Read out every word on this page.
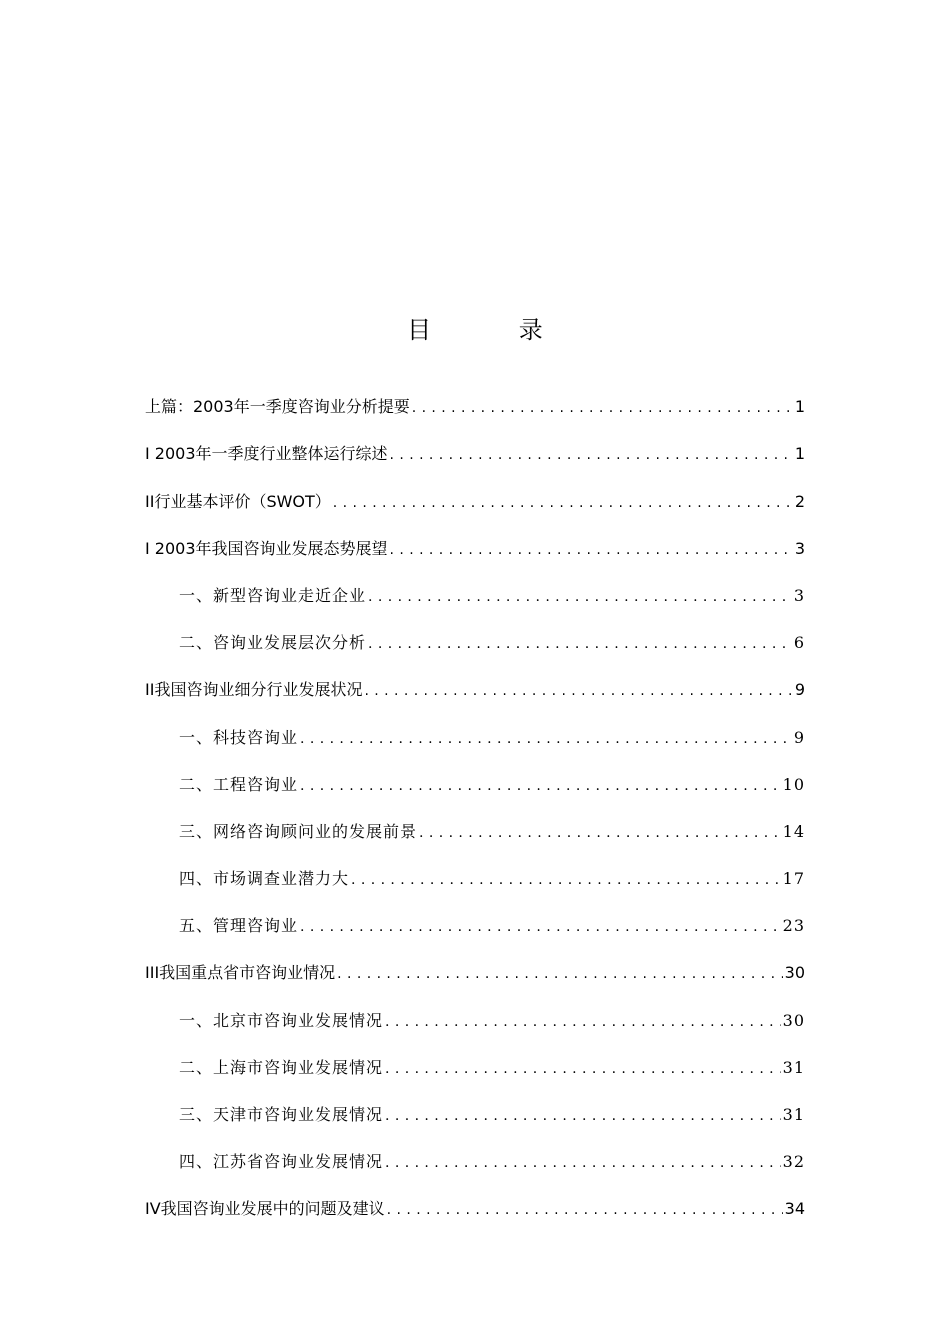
目 录
上篇：2003年一季度咨询业分析提要 .....	1
I 2003年一季度行业整体运行综述 .....	1
II行业基本评价（SWOT） .....	2
I 2003年我国咨询业发展态势展望 .....	3
一、新型咨询业走近企业 .....	3
二、咨询业发展层次分析 .....	6
II我国咨询业细分行业发展状况 .....	9
一、科技咨询业 .....	9
二、工程咨询业 .....	10
三、网络咨询顾问业的发展前景 .....	14
四、市场调查业潜力大 .....	17
五、管理咨询业 .....	23
III我国重点省市咨询业情况 .....	30
一、北京市咨询业发展情况 .....	30
二、上海市咨询业发展情况 .....	31
三、天津市咨询业发展情况 .....	31
四、江苏省咨询业发展情况 .....	32
IV我国咨询业发展中的问题及建议 .....	34
